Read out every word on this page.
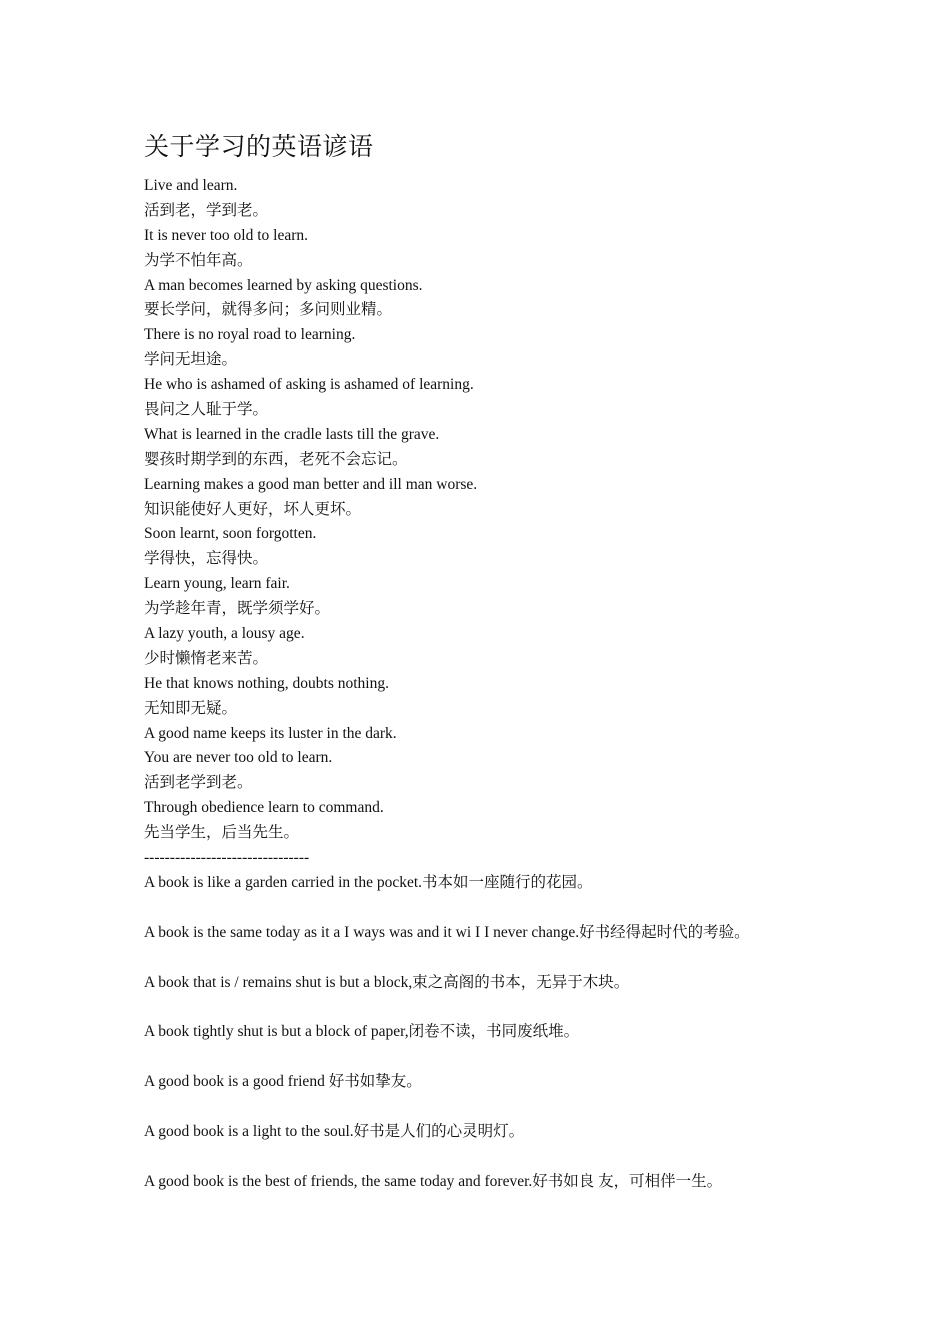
关于学习的英语谚语
Live and learn.
活到老，学到老。
It is never too old to learn.
为学不怕年高。
A man becomes learned by asking questions.
要长学问，就得多问；多问则业精。
There is no royal road to learning.
学问无坦途。
He who is ashamed of asking is ashamed of learning.
畏问之人耻于学。
What is learned in the cradle lasts till the grave.
婴孩时期学到的东西，老死不会忘记。
Learning makes a good man better and ill man worse.
知识能使好人更好，坏人更坏。
Soon learnt, soon forgotten.
学得快，忘得快。
Learn young, learn fair.
为学趁年青，既学须学好。
A lazy youth, a lousy age.
少时懒惰老来苦。
He that knows nothing, doubts nothing.
无知即无疑。
A good name keeps its luster in the dark.
You are never too old to learn.
活到老学到老。
Through obedience learn to command.
先当学生，后当先生。
--------------------------------
A book is like a garden carried in the pocket.书本如一座随行的花园。
A book is the same today as it a I ways was and it wi I I never change.好书经得起时代的考验。
A book that is / remains shut is but a block,束之高阁的书本，无异于木块。
A book tightly shut is but a block of paper,闭卷不读，书同废纸堆。
A good book is a good friend 好书如挚友。
A good book is a light to the soul.好书是人们的心灵明灯。
A good book is the best of friends, the same today and forever.好书如良 友，可相伴一生。
